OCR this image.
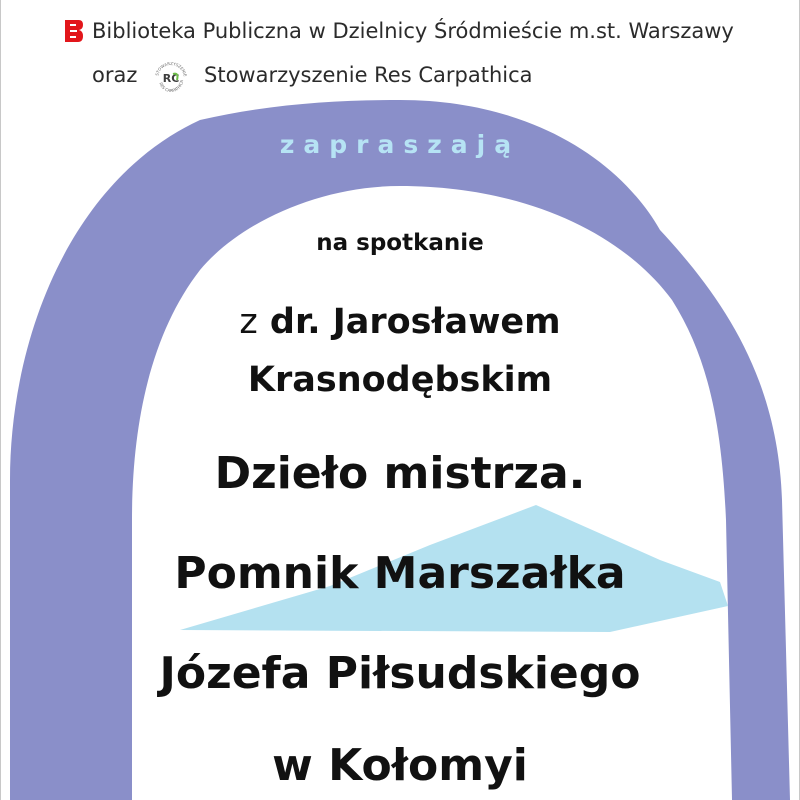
Biblioteka Publiczna w Dzielnicy Śródmieście m.st. Warszawy
oraz	STOWARZYSZENIE
RES CARPATHICA
RC Stowarzyszenie Res Carpathica
zapraszają
na spotkanie
z dr. Jarosławem
Krasnodębskim
Dzieło mistrza.
Pomnik Marszałka
Józefa Piłsudskiego
w Kołomyi
